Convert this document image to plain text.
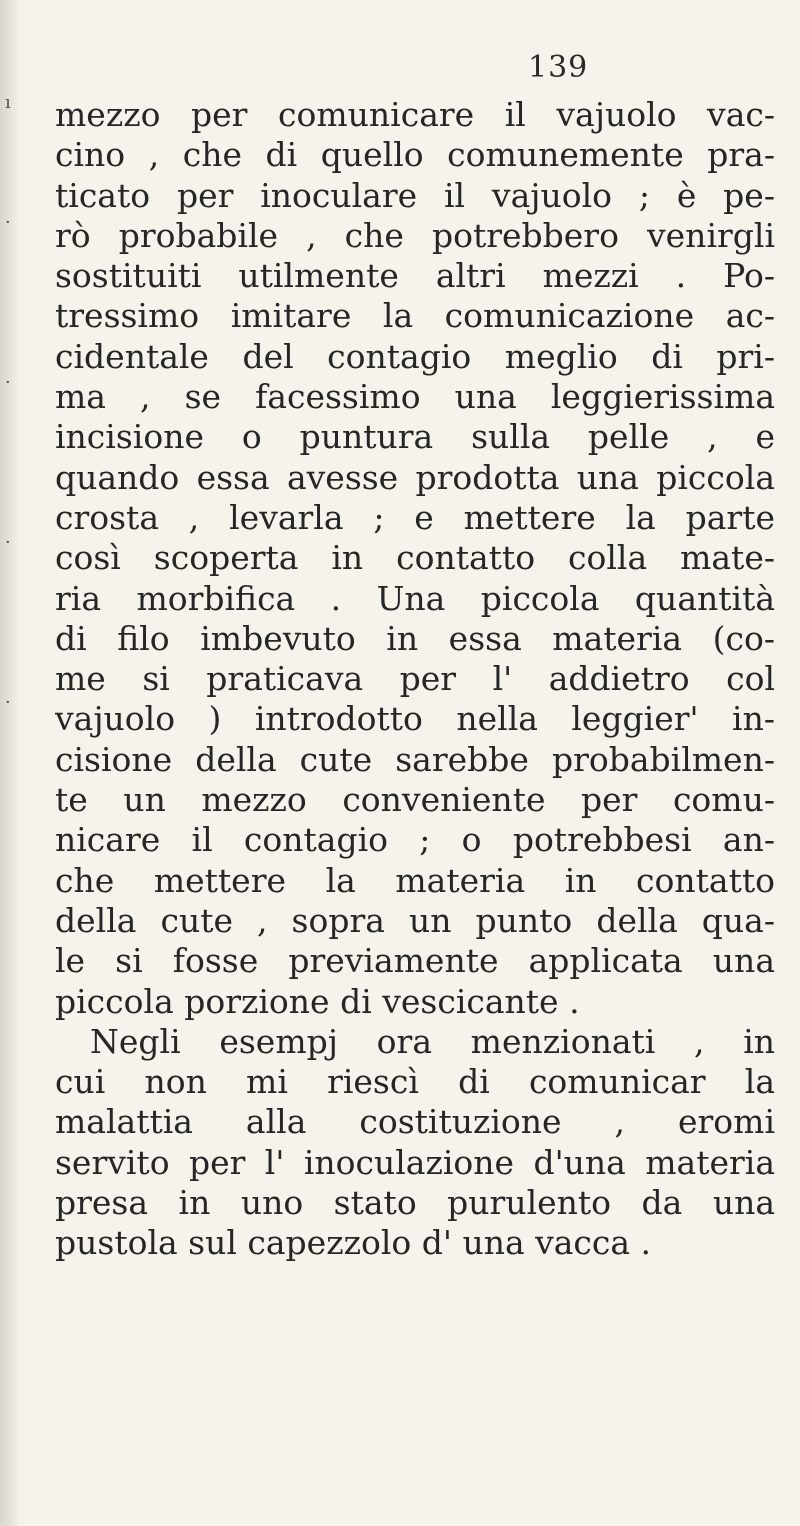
ı
·
·
·
·
139
mezzo per comunicare il vajuolo vac-
cino , che di quello comunemente pra-
ticato per inoculare il vajuolo ; è pe-
rò probabile , che potrebbero venirgli
sostituiti utilmente altri mezzi . Po-
tressimo imitare la comunicazione ac-
cidentale del contagio meglio di pri-
ma , se facessimo una leggierissima
incisione o puntura sulla pelle , e
quando essa avesse prodotta una piccola
crosta , levarla ; e mettere la parte
così scoperta in contatto colla mate-
ria morbifica . Una piccola quantità
di filo imbevuto in essa materia (co-
me si praticava per l' addietro col
vajuolo ) introdotto nella leggier' in-
cisione della cute sarebbe probabilmen-
te un mezzo conveniente per comu-
nicare il contagio ; o potrebbesi an-
che mettere la materia in contatto
della cute , sopra un punto della qua-
le si fosse previamente applicata una
piccola porzione di vescicante .
Negli esempj ora menzionati , in
cui non mi riescì di comunicar la
malattia alla costituzione , eromi
servito per l' inoculazione d'una materia
presa in uno stato purulento da una
pustola sul capezzolo d' una vacca .
